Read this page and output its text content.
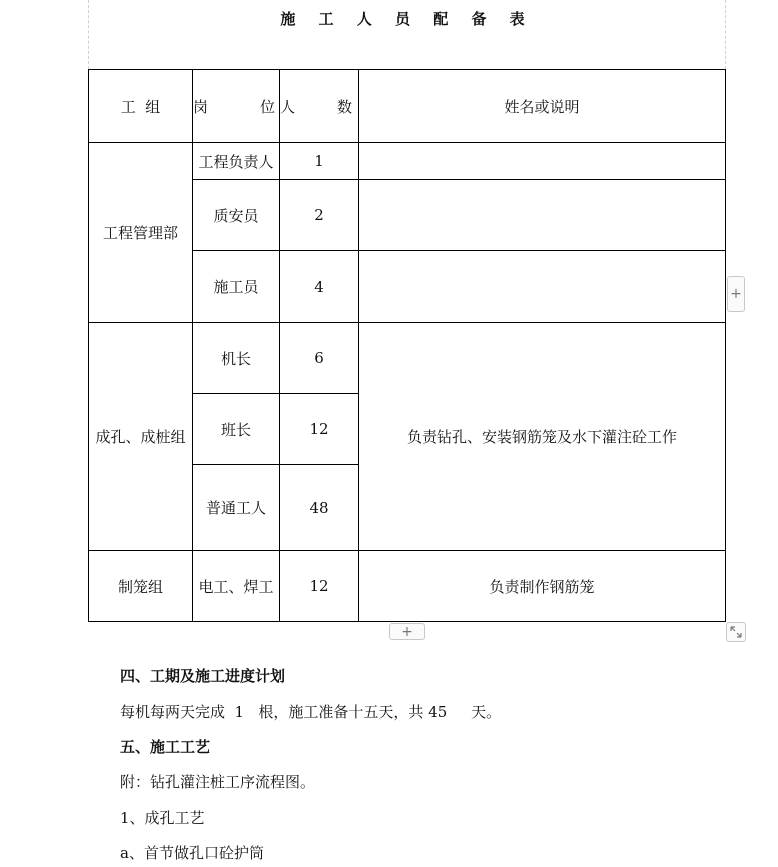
施 工 人 员 配 备 表
工  组	岗 位	人 数	姓名或说明
工程管理部	工程负责人	1	
	质安员	2	
	施工员	4	
成孔、成桩组	机长	6	负责钻孔、安装钢筋笼及水下灌注砼工作
	班长	12	
	普通工人	48	
制笼组	电工、焊工	12	负责制作钢筋笼
+
+
四、工期及施工进度计划
每机每两天完成  1   根，施工准备十五天，共 45     天。
五、施工工艺
附：钻孔灌注桩工序流程图。
1、成孔工艺
a、首节做孔口砼护筒
